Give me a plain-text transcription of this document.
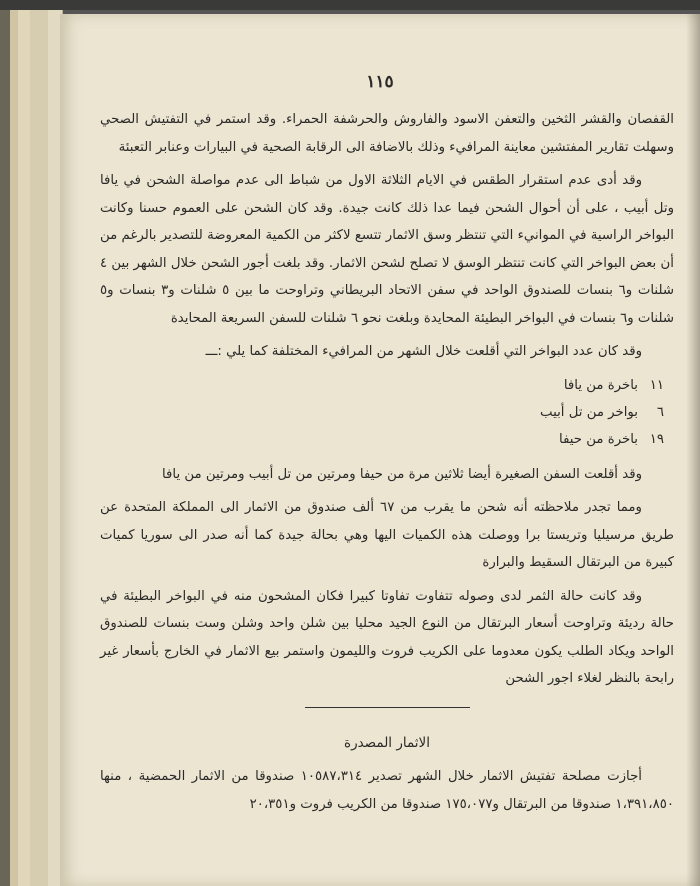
١١٥

القفصان والقشر الثخين والتعفن الاسود والفاروش والحرشفة الحمراء. وقد استمر في التفتيش الصحي وسهلت تقارير المفتشين معاينة المرافيء وذلك بالاضافة الى الرقابة الصحية في البيارات وعنابر التعبئة

وقد أدى عدم استقرار الطقس في الايام الثلاثة الاول من شباط الى عدم مواصلة الشحن في يافا وتل أبيب ، على أن أحوال الشحن فيما عدا ذلك كانت جيدة. وقد كان الشحن على العموم حسنا وكانت البواخر الراسية في الموانيء التي تنتظر وسق الاثمار تتسع لاكثر من الكمية المعروضة للتصدير بالرغم من أن بعض البواخر التي كانت تنتظر الوسق لا تصلح لشحن الاثمار. وقد بلغت أجور الشحن خلال الشهر بين ٤ شلنات و٦ بنسات للصندوق الواحد في سفن الاتحاد البريطاني وتراوحت ما بين ٥ شلنات و٣ بنسات و٥ شلنات و٦ بنسات في البواخر البطيئة المحايدة وبلغت نحو ٦ شلنات للسفن السريعة المحايدة

وقد كان عدد البواخر التي أقلعت خلال الشهر من المرافيء المختلفة كما يلي :ـــ

١١
باخرة من يافا
٦
بواخر من تل أبيب
١٩
باخرة من حيفا

وقد أقلعت السفن الصغيرة أيضا ثلاثين مرة من حيفا ومرتين من تل أبيب ومرتين من يافا

ومما تجدر ملاحظته أنه شحن ما يقرب من ٦٧ ألف صندوق من الاثمار الى المملكة المتحدة عن طريق مرسيليا وتريستا برا ووصلت هذه الكميات اليها وهي بحالة جيدة كما أنه صدر الى سوريا كميات كبيرة من البرتقال السقيط والبرارة

وقد كانت حالة الثمر لدى وصوله تتفاوت تفاوتا كبيرا فكان المشحون منه في البواخر البطيئة في حالة رديئة وتراوحت أسعار البرتقال من النوع الجيد محليا بين شلن واحد وشلن وست بنسات للصندوق الواحد ويكاد الطلب يكون معدوما على الكريب فروت والليمون واستمر بيع الاثمار في الخارج بأسعار غير رابحة بالنظر لغلاء اجور الشحن

الاثمار المصدرة

أجازت مصلحة تفتيش الاثمار خلال الشهر تصدير ١٠٥٨٧،٣١٤ صندوقا من الاثمار الحمضية ، منها ١،٣٩١،٨٥٠ صندوقا من البرتقال و١٧٥،٠٧٧ صندوقا من الكريب فروت و٢٠،٣٥١
